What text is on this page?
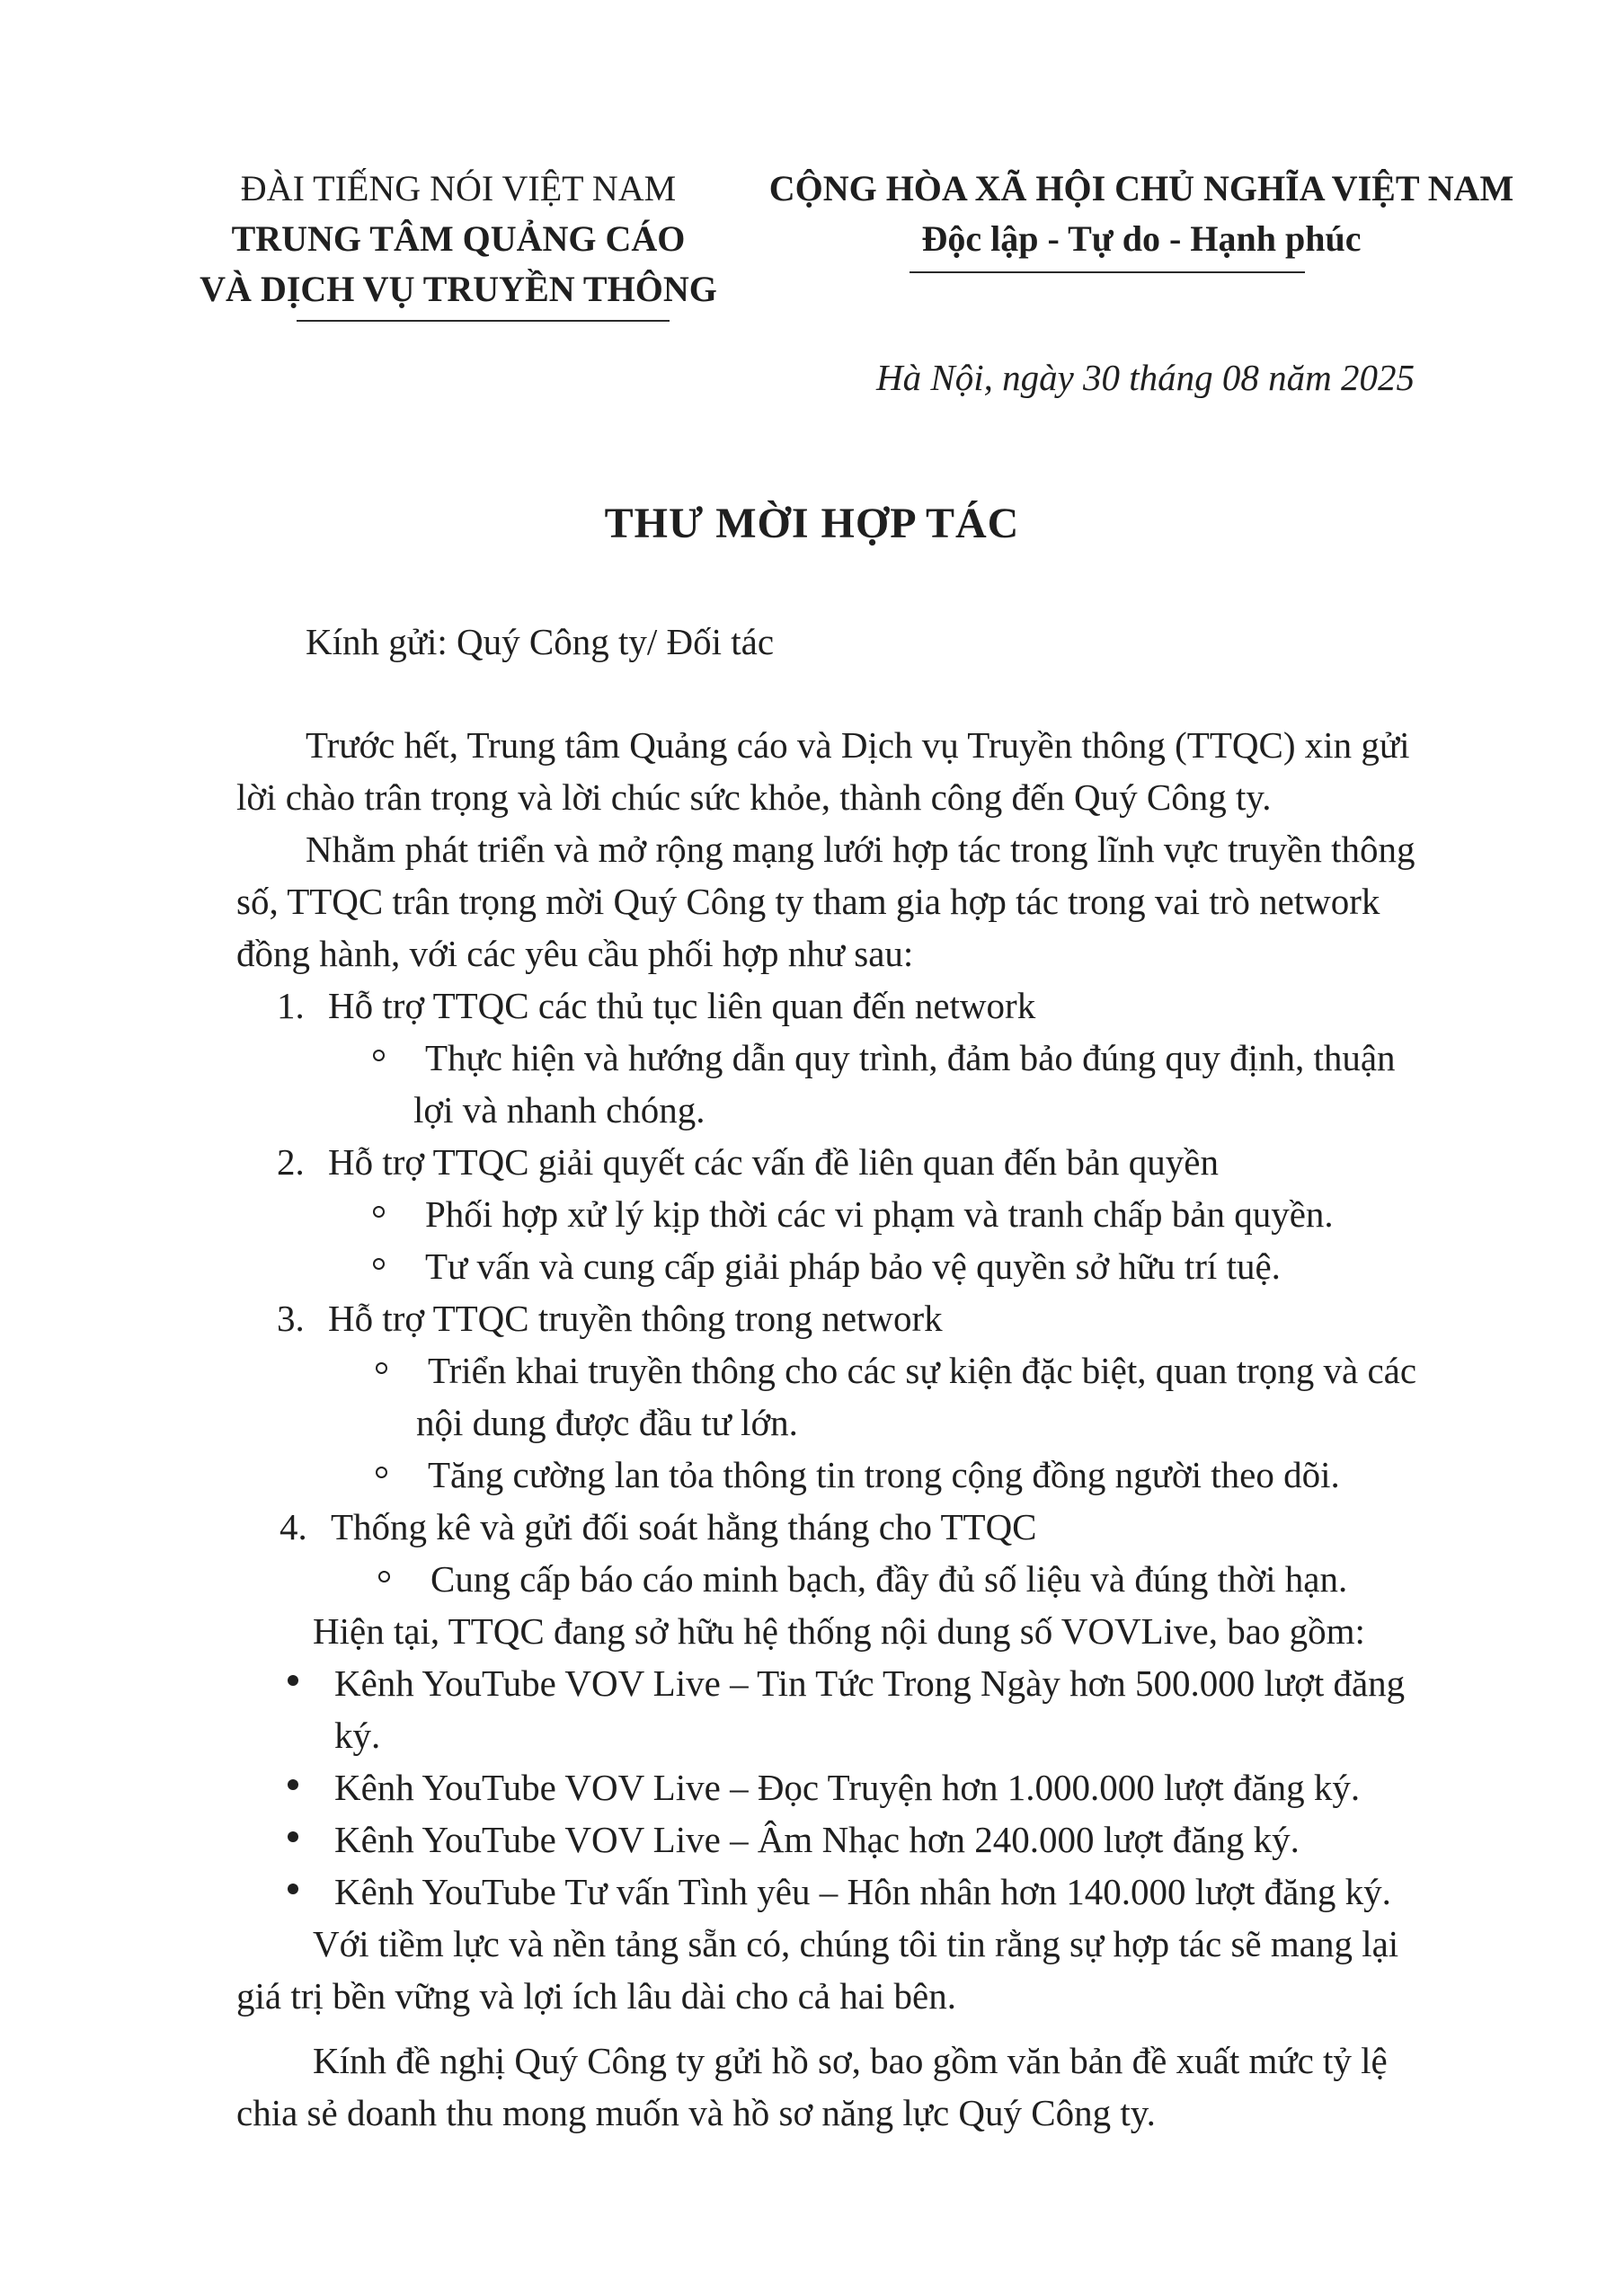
ĐÀI TIẾNG NÓI VIỆT NAM
TRUNG TÂM QUẢNG CÁO
VÀ DỊCH VỤ TRUYỀN THÔNG
CỘNG HÒA XÃ HỘI CHỦ NGHĨA VIỆT NAM
Độc lập - Tự do - Hạnh phúc
Hà Nội, ngày 30 tháng 08 năm 2025
THƯ MỜI HỢP TÁC
Kính gửi: Quý Công ty/ Đối tác
Trước hết, Trung tâm Quảng cáo và Dịch vụ Truyền thông (TTQC) xin gửi
lời chào trân trọng và lời chúc sức khỏe, thành công đến Quý Công ty.
Nhằm phát triển và mở rộng mạng lưới hợp tác trong lĩnh vực truyền thông
số, TTQC trân trọng mời Quý Công ty tham gia hợp tác trong vai trò network
đồng hành, với các yêu cầu phối hợp như sau:
1. Hỗ trợ TTQC các thủ tục liên quan đến network
Thực hiện và hướng dẫn quy trình, đảm bảo đúng quy định, thuận
lợi và nhanh chóng.
2. Hỗ trợ TTQC giải quyết các vấn đề liên quan đến bản quyền
Phối hợp xử lý kịp thời các vi phạm và tranh chấp bản quyền.
Tư vấn và cung cấp giải pháp bảo vệ quyền sở hữu trí tuệ.
3. Hỗ trợ TTQC truyền thông trong network
Triển khai truyền thông cho các sự kiện đặc biệt, quan trọng và các
nội dung được đầu tư lớn.
Tăng cường lan tỏa thông tin trong cộng đồng người theo dõi.
4. Thống kê và gửi đối soát hằng tháng cho TTQC
Cung cấp báo cáo minh bạch, đầy đủ số liệu và đúng thời hạn.
Hiện tại, TTQC đang sở hữu hệ thống nội dung số VOVLive, bao gồm:
Kênh YouTube VOV Live – Tin Tức Trong Ngày hơn 500.000 lượt đăng
ký.
Kênh YouTube VOV Live – Đọc Truyện hơn 1.000.000 lượt đăng ký.
Kênh YouTube VOV Live – Âm Nhạc hơn 240.000 lượt đăng ký.
Kênh YouTube Tư vấn Tình yêu – Hôn nhân hơn 140.000 lượt đăng ký.
Với tiềm lực và nền tảng sẵn có, chúng tôi tin rằng sự hợp tác sẽ mang lại
giá trị bền vững và lợi ích lâu dài cho cả hai bên.
Kính đề nghị Quý Công ty gửi hồ sơ, bao gồm văn bản đề xuất mức tỷ lệ
chia sẻ doanh thu mong muốn và hồ sơ năng lực Quý Công ty.
